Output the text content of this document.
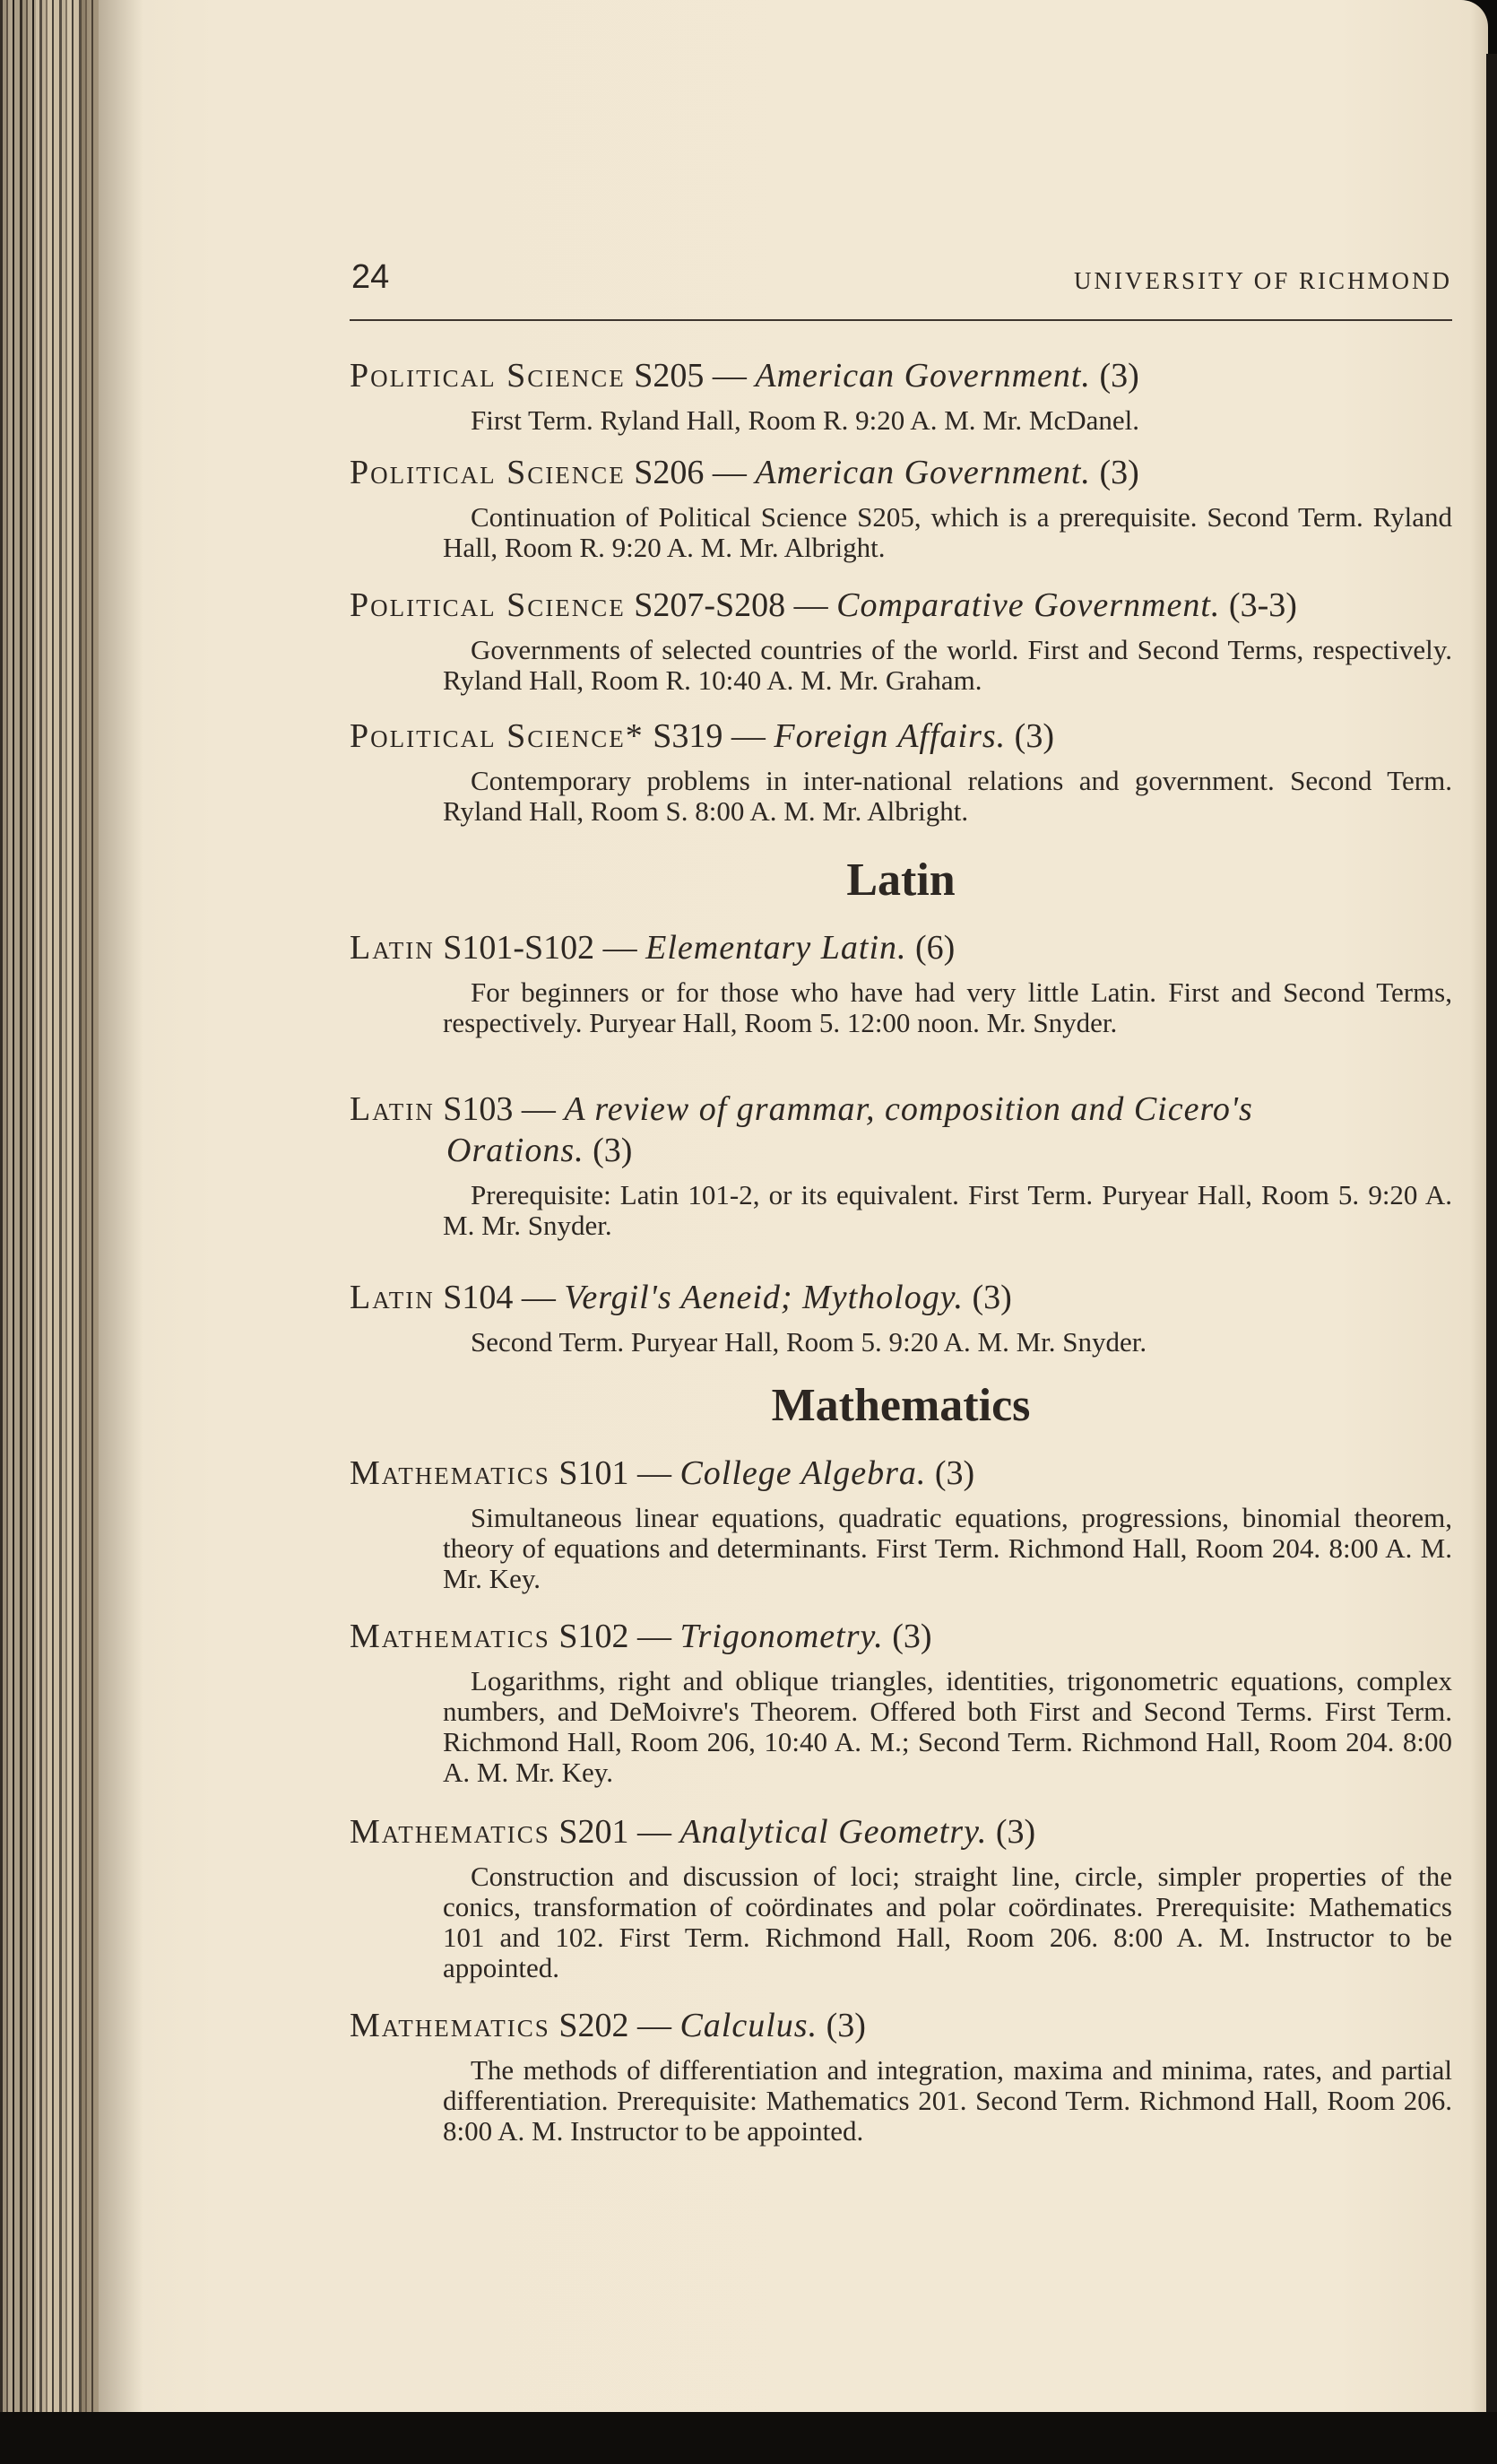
24	UNIVERSITY OF RICHMOND
Political Science S205 — American Government. (3)
First Term. Ryland Hall, Room R. 9:20 A. M. Mr. McDanel.
Political Science S206 — American Government. (3)
Continuation of Political Science S205, which is a prerequisite. Second Term. Ryland Hall, Room R. 9:20 A. M. Mr. Albright.
Political Science S207-S208 — Comparative Government. (3-3)
Governments of selected countries of the world. First and Second Terms, respectively. Ryland Hall, Room R. 10:40 A. M. Mr. Graham.
Political Science* S319 — Foreign Affairs. (3)
Contemporary problems in inter-national relations and government. Second Term. Ryland Hall, Room S. 8:00 A. M. Mr. Albright.
Latin
Latin S101-S102 — Elementary Latin. (6)
For beginners or for those who have had very little Latin. First and Second Terms, respectively. Puryear Hall, Room 5. 12:00 noon. Mr. Snyder.
Latin S103 — A review of grammar, composition and Cicero's
Orations. (3)
Prerequisite: Latin 101-2, or its equivalent. First Term. Puryear Hall, Room 5. 9:20 A. M. Mr. Snyder.
Latin S104 — Vergil's Aeneid; Mythology. (3)
Second Term. Puryear Hall, Room 5. 9:20 A. M. Mr. Snyder.
Mathematics
Mathematics S101 — College Algebra. (3)
Simultaneous linear equations, quadratic equations, progressions, binomial theorem, theory of equations and determinants. First Term. Richmond Hall, Room 204. 8:00 A. M. Mr. Key.
Mathematics S102 — Trigonometry. (3)
Logarithms, right and oblique triangles, identities, trigonometric equations, complex numbers, and DeMoivre's Theorem. Offered both First and Second Terms. First Term. Richmond Hall, Room 206, 10:40 A. M.; Second Term. Richmond Hall, Room 204. 8:00 A. M. Mr. Key.
Mathematics S201 — Analytical Geometry. (3)
Construction and discussion of loci; straight line, circle, simpler properties of the conics, transformation of coördinates and polar coördinates. Prerequisite: Mathematics 101 and 102. First Term. Richmond Hall, Room 206. 8:00 A. M. Instructor to be appointed.
Mathematics S202 — Calculus. (3)
The methods of differentiation and integration, maxima and minima, rates, and partial differentiation. Prerequisite: Mathematics 201. Second Term. Richmond Hall, Room 206. 8:00 A. M. Instructor to be appointed.
